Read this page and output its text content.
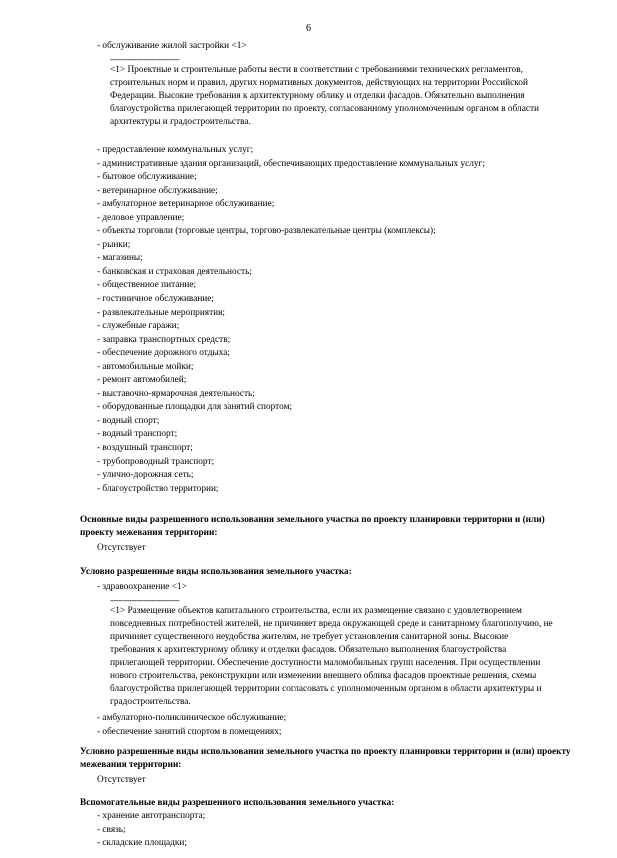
6
- обслуживание жилой застройки <1>
--------------------------------
<1> Проектные и строительные работы вести в соответствии с требованиями технических регламентов, строительных норм и правил, других нормативных документов, действующих на территории Российской Федерации. Высокие требования к архитектурному облику и отделки фасадов. Обязательно выполнения благоустройства прилегающей территории по проекту, согласованному уполномоченным органом в области архитектуры и градостроительства.
- предоставление коммунальных услуг;
- административные здания организаций, обеспечивающих предоставление коммунальных услуг;
- бытовое обслуживание;
- ветеринарное обслуживание;
- амбулаторное ветеринарное обслуживание;
- деловое управление;
- объекты торговли (торговые центры, торгово-развлекательные центры (комплексы);
- рынки;
- магазины;
- банковская и страховая деятельность;
- общественное питание;
- гостиничное обслуживание;
- развлекательные мероприятия;
- служебные гаражи;
- заправка транспортных средств;
- обеспечение дорожного отдыха;
- автомобильные мойки;
- ремонт автомобилей;
- выставочно-ярмарочная деятельность;
- оборудованные площадки для занятий спортом;
- водный спорт;
- водный транспорт;
- воздушный транспорт;
- трубопроводный транспорт;
- улично-дорожная сеть;
- благоустройство территории;
Основные виды разрешенного использования земельного участка по проекту планировки территории и (или) проекту межевания территории:
Отсутствует
Условно разрешенные виды использования земельного участка:
- здравоохранение <1>
--------------------------------
<1> Размещение объектов капитального строительства, если их размещение связано с удовлетворением повседневных потребностей жителей, не причиняет вреда окружающей среде и санитарному благополучию, не причиняет существенного неудобства жителям, не требует установления санитарной зоны. Высокие требования к архитектурному облику и отделки фасадов. Обязательно выполнения благоустройства прилегающей территории. Обеспечение доступности маломобильных групп населения. При осуществлении нового строительства, реконструкции или изменении внешнего облика фасадов проектные решения, схемы благоустройства прилегающей территории согласовать с уполномоченным органом в области архитектуры и градостроительства.
- амбулаторно-поликлиническое обслуживание;
- обеспечение занятий спортом в помещениях;
Условно разрешенные виды использования земельного участка по проекту планировки территории и (или) проекту межевания территории:
Отсутствует
Вспомогательные виды разрешенного использования земельного участка:
- хранение автотранспорта;
- связь;
- складские площадки;
